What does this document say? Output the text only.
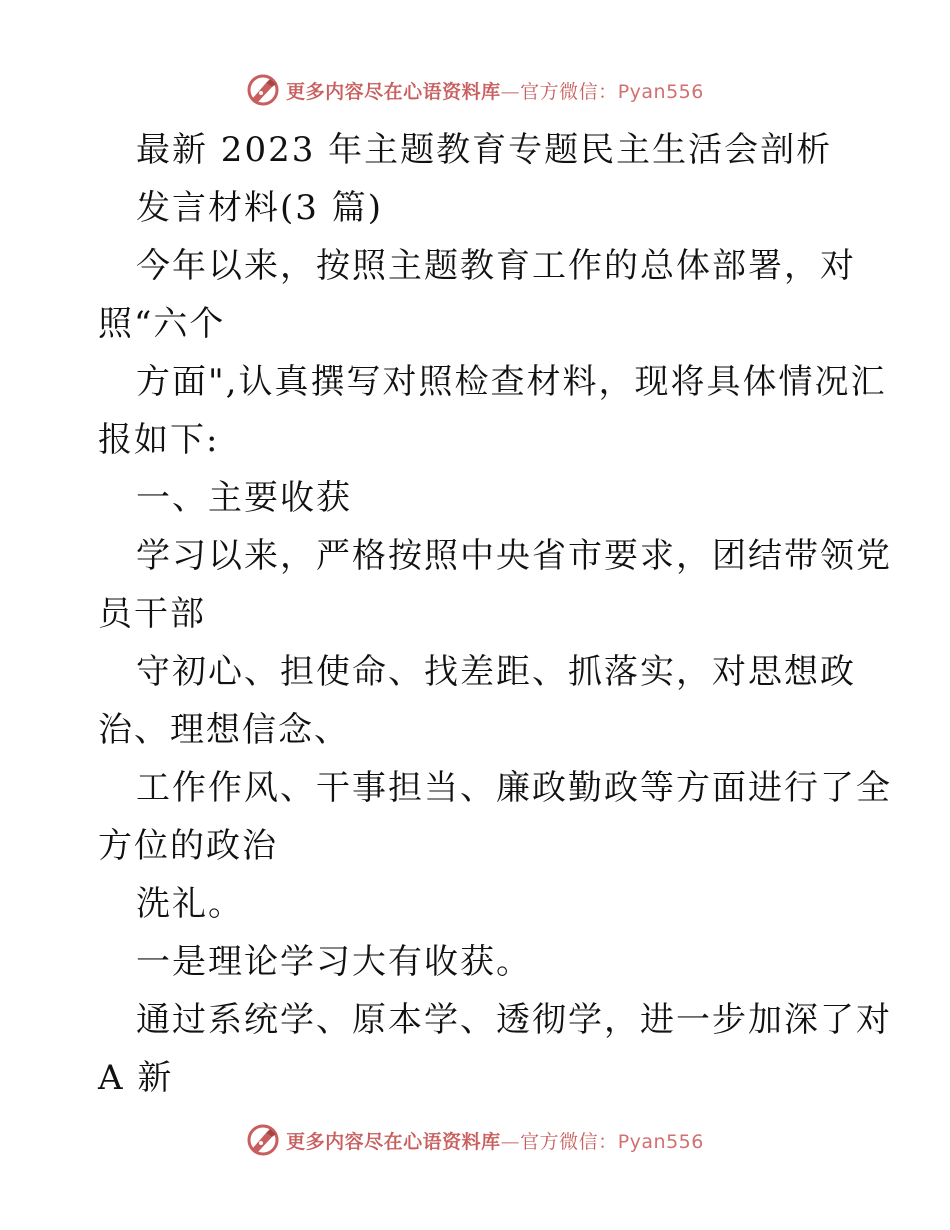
更多内容尽在心语资料库—官方微信：Pyan556
最新 2023 年主题教育专题民主生活会剖析
发言材料(3 篇)
今年以来，按照主题教育工作的总体部署，对
照“六个
方面",认真撰写对照检查材料，现将具体情况汇
报如下:
一、主要收获
学习以来，严格按照中央省市要求，团结带领党
员干部
守初心、担使命、找差距、抓落实，对思想政
治、理想信念、
工作作风、干事担当、廉政勤政等方面进行了全
方位的政治
洗礼。
一是理论学习大有收获。
通过系统学、原本学、透彻学，进一步加深了对
A 新
更多内容尽在心语资料库—官方微信：Pyan556
